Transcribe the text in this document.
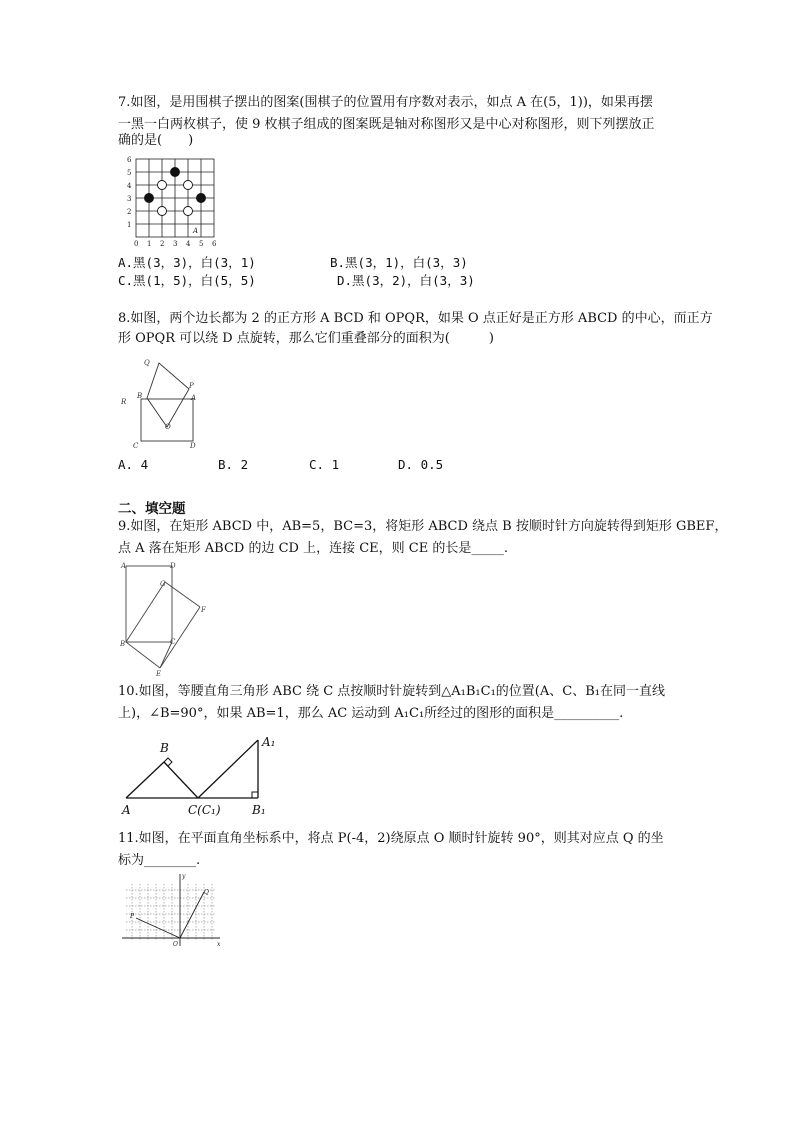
7.如图，是用围棋子摆出的图案(围棋子的位置用有序数对表示，如点 A 在(5，1))，如果再摆
一黑一白两枚棋子，使 9 枚棋子组成的图案既是轴对称图形又是中心对称图形，则下列摆放正
确的是(　　)
6
5
4
3
2
1
0 1 2 3 4 5 6
A
A.黑(3，3)，白(3，1)	B.黑(3，1)，白(3，3)
C.黑(1，5)，白(5，5)	D.黑(3，2)，白(3，3)
8.如图，两个边长都为 2 的正方形 A BCD 和 OPQR，如果 O 点正好是正方形 ABCD 的中心，而正方
形 OPQR 可以绕 D 点旋转，那么它们重叠部分的面积为(　　　)
Q
P
R
B	A
O
C	D
A. 4	B. 2	C. 1	D. 0.5
二、填空题
9.如图，在矩形 ABCD 中，AB=5，BC=3，将矩形 ABCD 绕点 B 按顺时针方向旋转得到矩形 GBEF，
点 A 落在矩形 ABCD 的边 CD 上，连接 CE，则 CE 的长是_____.
A	D
G
F
B	C
E
10.如图，等腰直角三角形 ABC 绕 C 点按顺时针旋转到△A₁B₁C₁的位置(A、C、B₁在同一直线
上)，∠B=90°，如果 AB=1，那么 AC 运动到 A₁C₁所经过的图形的面积是__________.
B	A₁
A	C(C₁)	B₁
11.如图，在平面直角坐标系中，将点 P(-4，2)绕原点 O 顺时针旋转 90°，则其对应点 Q 的坐
标为________.
y
Q
P
O	x
